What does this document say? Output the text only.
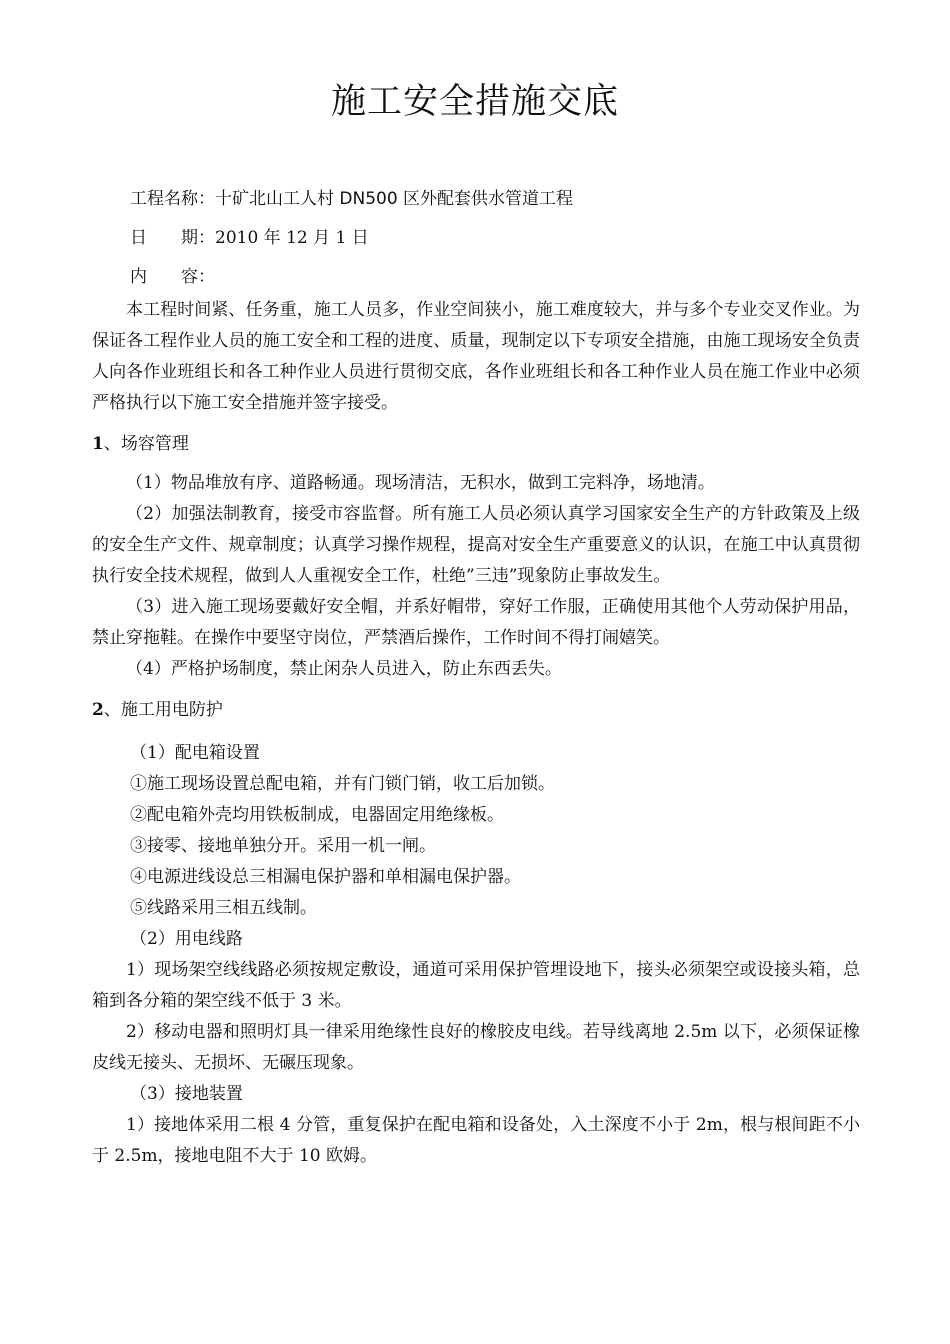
施工安全措施交底
工程名称：十矿北山工人村 DN500 区外配套供水管道工程
日　　期：2010 年 12 月 1 日
内　　容：

本工程时间紧、任务重，施工人员多，作业空间狭小，施工难度较大，并与多个专业交叉作业。为保证各工程作业人员的施工安全和工程的进度、质量，现制定以下专项安全措施，由施工现场安全负责人向各作业班组长和各工种作业人员进行贯彻交底，各作业班组长和各工种作业人员在施工作业中必须严格执行以下施工安全措施并签字接受。

1、场容管理

（1）物品堆放有序、道路畅通。现场清洁，无积水，做到工完料净，场地清。

（2）加强法制教育，接受市容监督。所有施工人员必须认真学习国家安全生产的方针政策及上级的安全生产文件、规章制度；认真学习操作规程，提高对安全生产重要意义的认识，在施工中认真贯彻执行安全技术规程，做到人人重视安全工作，杜绝”三违”现象防止事故发生。

（3）进入施工现场要戴好安全帽，并系好帽带，穿好工作服，正确使用其他个人劳动保护用品，禁止穿拖鞋。在操作中要坚守岗位，严禁酒后操作，工作时间不得打闹嬉笑。

（4）严格护场制度，禁止闲杂人员进入，防止东西丢失。

2、施工用电防护
（1）配电箱设置
①施工现场设置总配电箱，并有门锁门销，收工后加锁。
②配电箱外壳均用铁板制成，电器固定用绝缘板。
③接零、接地单独分开。采用一机一闸。
④电源进线设总三相漏电保护器和单相漏电保护器。
⑤线路采用三相五线制。
（2）用电线路

1）现场架空线线路必须按规定敷设，通道可采用保护管埋设地下，接头必须架空或设接头箱，总箱到各分箱的架空线不低于 3 米。

2）移动电器和照明灯具一律采用绝缘性良好的橡胶皮电线。若导线离地 2.5m 以下，必须保证橡皮线无接头、无损坏、无碾压现象。

（3）接地装置

1）接地体采用二根 4 分管，重复保护在配电箱和设备处，入土深度不小于 2m，根与根间距不小于 2.5m，接地电阻不大于 10 欧姆。
